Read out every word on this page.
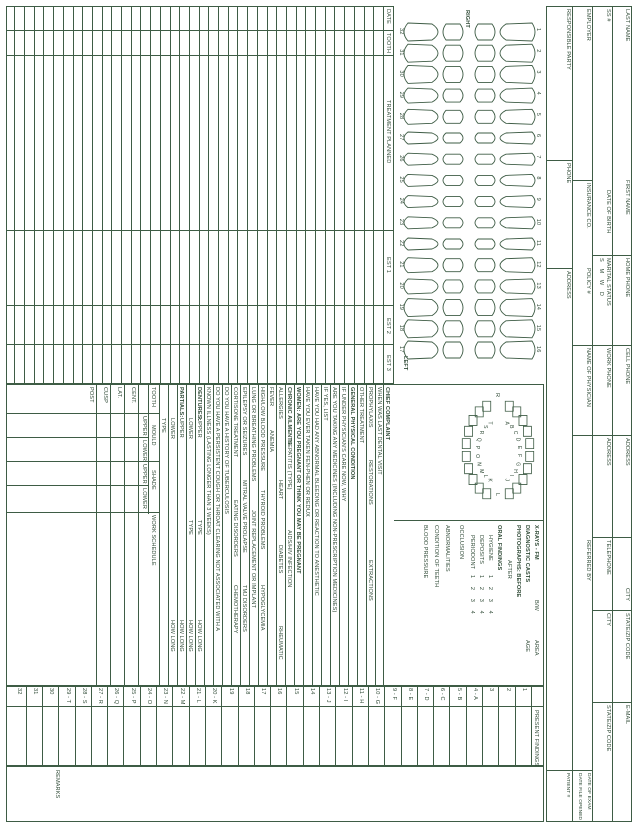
LAST NAME
FIRST NAME
HOME PHONE
CELL PHONE
ADDRESS
CITY
STATE/ZIP CODE
E-MAIL
SS #
DATE OF BIRTH
MARITAL STATUS
S M W D
WORK PHONE
ADDRESS
TELEPHONE
CITY
STATE/ZIP CODE
EMPLOYER
INSURANCE CO.
POLICY #
NAME OF PHYSICIAN
REFERRED BY
RESPONSIBLE PARTY
PHONE
ADDRESS
DATE OF EXAM
DATE FILE OPENED
PATIENT #
RIGHT
LEFT
DATE
TOOTH
TREATMENT PLANNED
EST 1
EST 2
EST 3
A
T
B
S
C
R
D
Q
E
P
F
O
G
N
H
M
I
L
J
K
R
L
CHIEF COMPLAINT
WHEN WAS LAST DENTAL VISIT
PROPHYLAXIS
RESTORATIONS
EXTRACTIONS
OTHER TREATMENT
GENERAL PHYSICAL CONDITION
IF UNDER PHYSICIAN'S CARE NOW, WHY
ARE YOU TAKING ANY MEDICINES (INCLUDING NON-PRESCRIPTION MEDICINES)
IF YES, LIST
HAVE YOU HAD ANY ABNORMAL BLEEDING OR REACTION TO ANESTHETIC
HAVE YOU EVER TAKEN FEN-PHEN OR REDUX
WOMEN: ARE YOU PREGNANT OR THINK YOU MAY BE PREGNANT
CHRONIC AILMENTS
HEPATITIS (TYPE)
AIDS/HIV INFECTION
ALLERGIES
HEART
DIABETES
RHEUMATIC
FEVER
ANEMIA
HIGH/LOW BLOOD PRESSURE
THYROID PROBLEMS
HYPOGLYCEMIA
LUNG OR BREATHING PROBLEMS
JOINT REPLACEMENT OR IMPLANT
EPILEPSY OR SEIZURES
MITRAL VALVE PROLAPSE
TMJ DISORDERS
CORTISONE TREATMENT
EATING DISORDERS
CHEMOTHERAPY
DO YOU HAVE A HISTORY OF TUBERCULOSIS
DO YOU HAVE A PERSISTENT COUGH OR THROAT CLEARING NOT ASSOCIATED WITH A
KNOWN ILLNESS (LASTING LONGER THAN 3 WEEKS)
DENTURES:
UPPER
TYPE
HOW LONG
LOWER
TYPE
HOW LONG
PARTIALS:
UPPER
HOW LONG
LOWER
HOW LONG
TYPE
X-RAYS - FM
B/W
AREA
DIAGNOSTIC CASTS
AGE
PHOTOGRAPHS: BEFORE
AFTER
ORAL FINDINGS
HYGIENE
1 2 3 4
DEPOSITS
1 2 3 4
PERIODONT
1 2 3 4
OCCLUSION
ABNORMALITIES
CONDITION OF TEETH
BLOOD PRESSURE
TOOTH
MOULD
SHADE
WORK SCHEDULE
UPPER
LOWER
UPPER
LOWER
PRESENT FINDINGS
REMARKS
1
2
3
4
5
6
7
8
9
10
11
12
13
14
15
16
32
31
30
29
28
27
26
25
24
23
22
21
20
19
18
17
CENT.
LAT.
CUSP
POST
1
2
3
4 - A
5 - B
6 - C
7 - D
8 - E
9 - F
10 - G
11 - H
12 - I
13 - J
14
15
16
17
18
19
20 - K
21 - L
22 - M
23 - N
24 - O
25 - P
26 - Q
27 - R
28 - S
29 - T
30
31
32
